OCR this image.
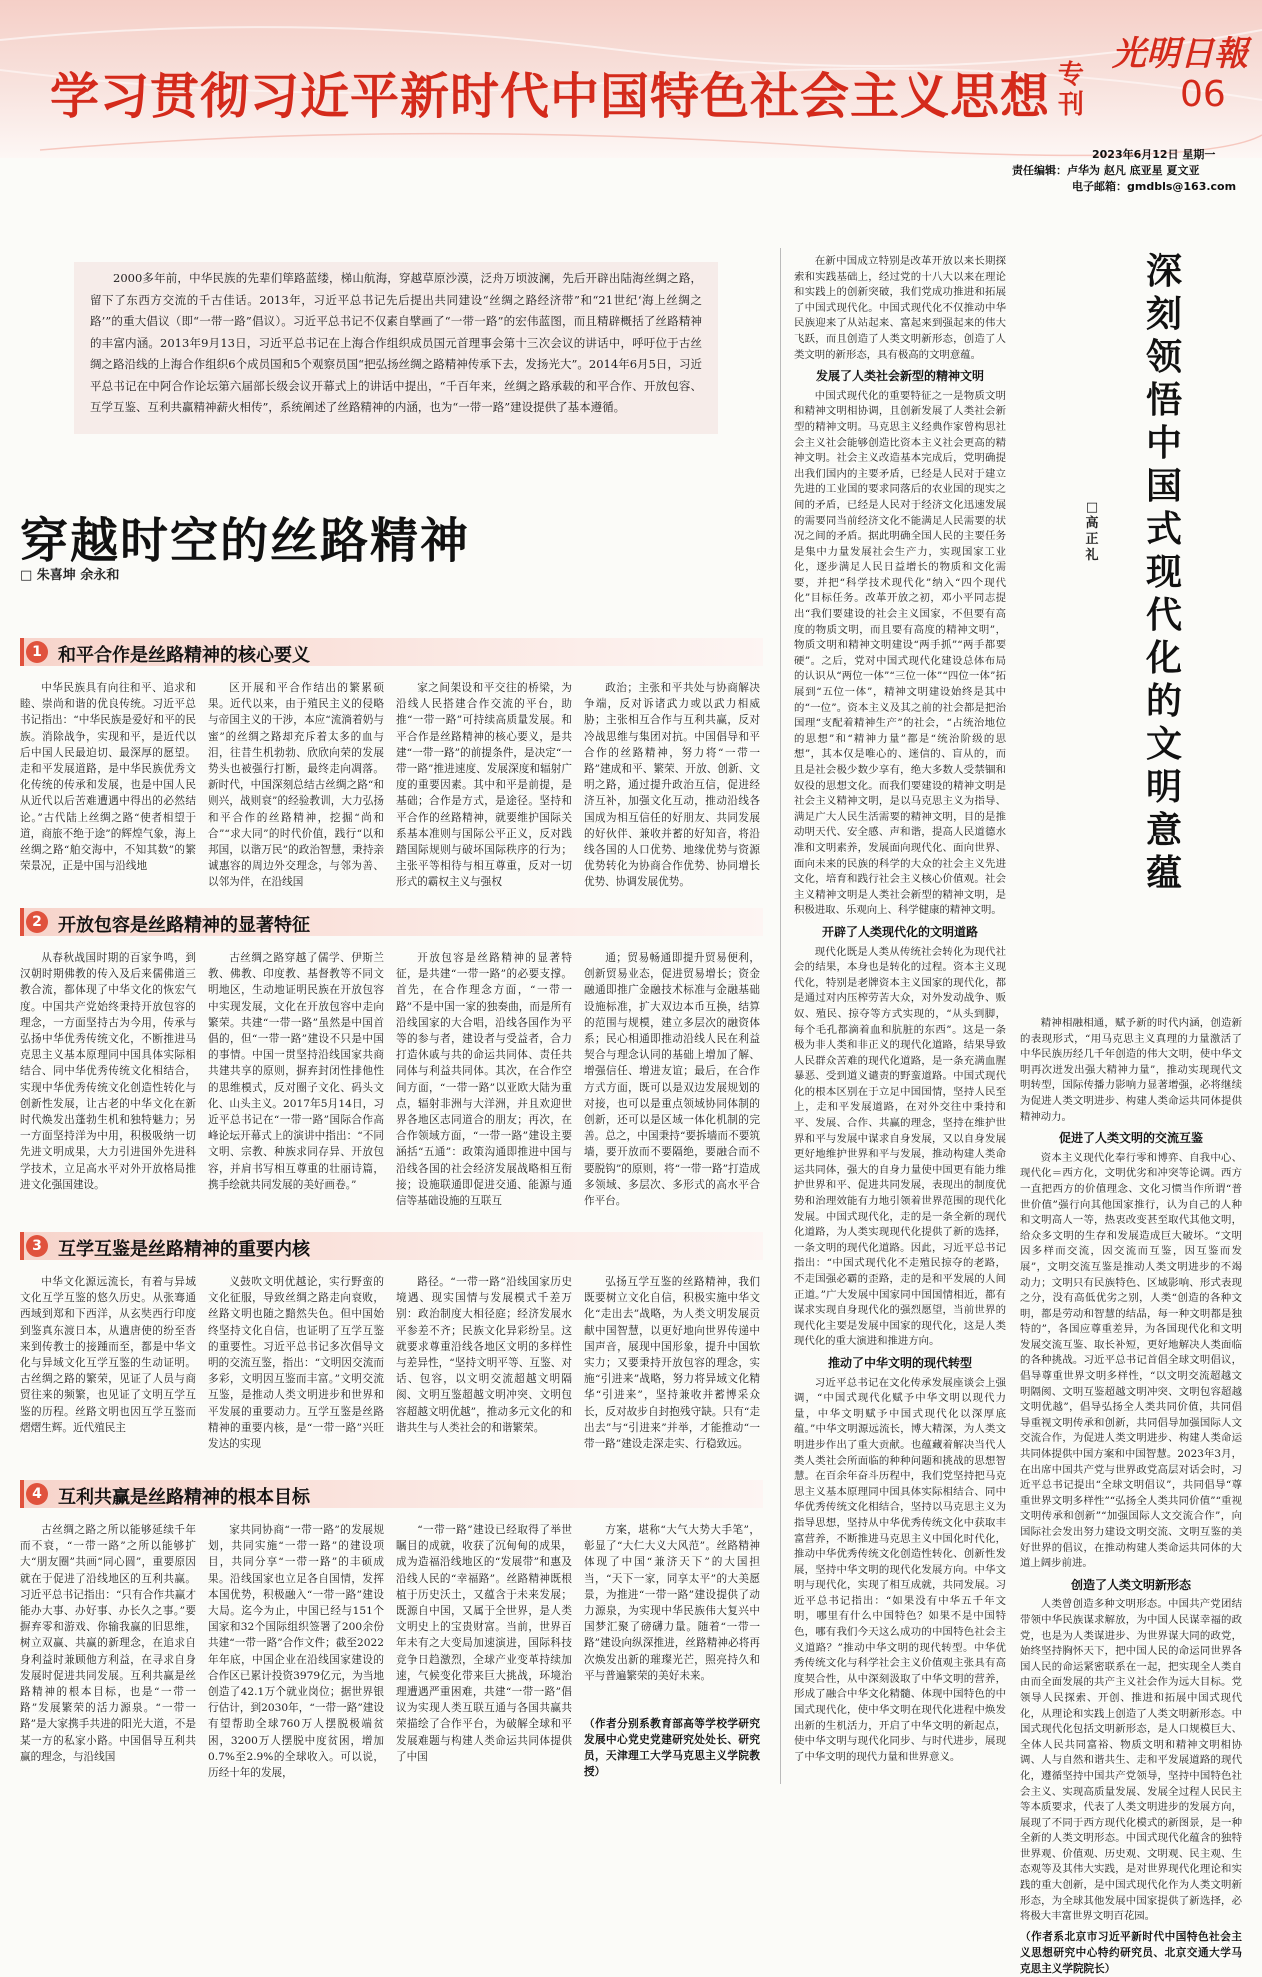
学习贯彻习近平新时代中国特色社会主义思想 专刊
光明日報
06
2023年6月12日 星期一
责任编辑：卢华为 赵凡 底亚星 夏文亚
电子邮箱：gmdbls@163.com
2000多年前，中华民族的先辈们筚路蓝缕，梯山航海，穿越草原沙漠，泛舟万顷波澜，先后开辟出陆海丝绸之路，留下了东西方交流的千古佳话。2013年，习近平总书记先后提出共同建设“丝绸之路经济带”和“21世纪‘海上丝绸之路’”的重大倡议（即“一带一路”倡议）。习近平总书记不仅素自擘画了“一带一路”的宏伟蓝图，而且精辟概括了丝路精神的丰富内涵。2013年9月13日，习近平总书记在上海合作组织成员国元首理事会第十三次会议的讲话中，呼吁位于古丝绸之路沿线的上海合作组织6个成员国和5个观察员国“把弘扬丝绸之路精神传承下去，发扬光大”。2014年6月5日，习近平总书记在中阿合作论坛第六届部长级会议开幕式上的讲话中提出，“千百年来，丝绸之路承载的和平合作、开放包容、互学互鉴、互利共赢精神薪火相传”，系统阐述了丝路精神的内涵，也为“一带一路”建设提供了基本遵循。
穿越时空的丝路精神
□ 朱喜坤 余永和
1 和平合作是丝路精神的核心要义

中华民族具有向往和平、追求和睦、崇尚和谐的优良传统。习近平总书记指出：“中华民族是爱好和平的民族。消除战争，实现和平，是近代以后中国人民最迫切、最深厚的愿望。走和平发展道路，是中华民族优秀文化传统的传承和发展，也是中国人民从近代以后苦难遭遇中得出的必然结论。”古代陆上丝绸之路“使者相望于道，商旅不绝于途”的辉煌气象，海上丝绸之路“舶交海中，不知其数”的繁荣景况，正是中国与沿线地

区开展和平合作结出的繁累硕果。近代以来，由于殖民主义的侵略与帝国主义的干涉，本应“流淌着奶与蜜”的丝绸之路却充斥着太多的血与泪，往昔生机勃勃、欣欣向荣的发展势头也被强行打断，最终走向凋落。新时代，中国深刻总结古丝绸之路“和则兴，战则衰”的经验教训，大力弘扬和平合作的丝路精神，挖掘“尚和合”“求大同”的时代价值，践行“以和邦国，以谐万民”的政治智慧，秉持亲诚惠容的周边外交理念，与邻为善、以邻为伴，在沿线国

家之间架设和平交往的桥梁，为沿线人民搭建合作交流的平台，助推“一带一路”可持续高质量发展。和平合作是丝路精神的核心要义，是共建“一带一路”的前提条件，是决定“一带一路”推进速度、发展深度和辐射广度的重要因素。其中和平是前提，是基础；合作是方式，是途径。坚持和平合作的丝路精神，就要维护国际关系基本准则与国际公平正义，反对践踏国际规则与破坏国际秩序的行为；主张平等相待与相互尊重，反对一切形式的霸权主义与强权

政治；主张和平共处与协商解决争端，反对诉诸武力或以武力相威胁；主张相互合作与互利共赢，反对冷战思维与集团对抗。中国倡导和平合作的丝路精神，努力将“一带一路”建成和平、繁荣、开放、创新、文明之路，通过提升政治互信，促进经济互补，加强文化互动，推动沿线各国成为相互信任的好朋友、共同发展的好伙伴、兼收并蓄的好知音，将沿线各国的人口优势、地缘优势与资源优势转化为协商合作优势、协同增长优势、协调发展优势。

2 开放包容是丝路精神的显著特征

从春秋战国时期的百家争鸣，到汉朝时期佛教的传入及后来儒佛道三教合流，都体现了中华文化的恢宏气度。中国共产党始终秉持开放包容的理念，一方面坚持古为今用，传承与弘扬中华优秀传统文化，不断推进马克思主义基本原理同中国具体实际相结合、同中华优秀传统文化相结合，实现中华优秀传统文化创造性转化与创新性发展，让古老的中华文化在新时代焕发出蓬勃生机和独特魅力；另一方面坚持洋为中用，积极吸纳一切先进文明成果，大力引进国外先进科学技术，立足高水平对外开放格局推进文化强国建设。

古丝绸之路穿越了儒学、伊斯兰教、佛教、印度教、基督教等不同文明地区，生动地证明民族在开放包容中实现发展，文化在开放包容中走向繁荣。共建“一带一路”虽然是中国首倡的，但“一带一路”建设不只是中国的事情。中国一贯坚持沿线国家共商共建共享的原则，摒弃封闭性排他性的思维模式，反对圈子文化、码头文化、山头主义。2017年5月14日，习近平总书记在“一带一路”国际合作高峰论坛开幕式上的演讲中指出：“不同文明、宗教、种族求同存异、开放包容，并肩书写相互尊重的壮丽诗篇，携手绘就共同发展的美好画卷。”

开放包容是丝路精神的显著特征，是共建“一带一路”的必要支撑。首先，在合作理念方面，“一带一路”不是中国一家的独奏曲，而是所有沿线国家的大合唱，沿线各国作为平等的参与者，建设者与受益者，合力打造休戚与共的命运共同体、责任共同体与利益共同体。其次，在合作空间方面，“一带一路”以亚欧大陆为重点，辐射非洲与大洋洲，并且欢迎世界各地区志同道合的朋友；再次，在合作领域方面，“一带一路”建设主要涵括“五通”：政策沟通即推进中国与沿线各国的社会经济发展战略相互衔接；设施联通即促进交通、能源与通信等基础设施的互联互

通；贸易畅通即提升贸易便利，创新贸易业态，促进贸易增长；资金融通即推广金融技术标准与金融基础设施标准，扩大双边本币互换，结算的范围与规模，建立多层次的融资体系；民心相通即推动沿线人民在利益契合与理念认同的基础上增加了解、增强信任、增进友谊；最后，在合作方式方面，既可以是双边发展规划的对接，也可以是重点领域协同体制的创新，还可以是区域一体化机制的完善。总之，中国秉持“要拆墙而不要筑墙，要开放而不要隔绝，要融合而不要脱钩”的原则，将“一带一路”打造成多领域、多层次、多形式的高水平合作平台。

3 互学互鉴是丝路精神的重要内核

中华文化源远流长，有着与异域文化互学互鉴的悠久历史。从张骞通西域到郑和下西洋，从玄奘西行印度到鉴真东渡日本，从遣唐使的纷至沓来到传教士的接踵而至，都是中华文化与异域文化互学互鉴的生动证明。古丝绸之路的繁荣，见证了人员与商贸往来的频繁，也见证了文明互学互鉴的历程。丝路文明也因互学互鉴而熠熠生辉。近代殖民主

义鼓吹文明优越论，实行野蛮的文化征服，导致丝绸之路走向衰败，丝路文明也随之黯然失色。但中国始终坚持文化自信，也证明了互学互鉴的重要性。习近平总书记多次倡导文明的交流互鉴，指出：“文明因交流而多彩，文明因互鉴而丰富。”文明交流互鉴，是推动人类文明进步和世界和平发展的重要动力。互学互鉴是丝路精神的重要内核，是“一带一路”兴旺发达的实现

路径。“一带一路”沿线国家历史境遇、现实国情与发展模式千差万别：政治制度大相径庭；经济发展水平参差不齐；民族文化异彩纷呈。这就要求尊重沿线各地区文明的多样性与差异性，“坚持文明平等、互鉴、对话、包容，以文明交流超越文明隔阂、文明互鉴超越文明冲突、文明包容超越文明优越”，推动多元文化的和谐共生与人类社会的和谐繁荣。

弘扬互学互鉴的丝路精神，我们既要树立文化自信，积极实施中华文化“走出去”战略，为人类文明发展贡献中国智慧，以更好地向世界传递中国声音，展现中国形象，提升中国软实力；又要秉持开放包容的理念，实施“引进来”战略，努力将异域文化精华“引进来”，坚持兼收并蓄博采众长，反对故步自封抱残守缺。只有“走出去”与“引进来”并举，才能推动“一带一路”建设走深走实、行稳致远。

4 互利共赢是丝路精神的根本目标

古丝绸之路之所以能够延续千年而不衰，“一带一路”之所以能够扩大“朋友圈”共画“同心圆”，重要原因就在于促进了沿线地区的互利共赢。习近平总书记指出：“只有合作共赢才能办大事、办好事、办长久之事。”要摒弃零和游戏、你输我赢的旧思维，树立双赢、共赢的新理念，在追求自身利益时兼顾他方利益，在寻求自身发展时促进共同发展。互利共赢是丝路精神的根本目标，也是“一带一路”发展繁荣的活力源泉。“一带一路”是大家携手共进的阳光大道，不是某一方的私家小路。中国倡导互利共赢的理念，与沿线国

家共同协商“一带一路”的发展规划，共同实施“一带一路”的建设项目，共同分享“一带一路”的丰硕成果。沿线国家也立足各自国情，发挥本国优势，积极融入“一带一路”建设大局。迄今为止，中国已经与151个国家和32个国际组织签署了200余份共建“一带一路”合作文件；截至2022年年底，中国企业在沿线国家建设的合作区已累计投资3979亿元，为当地创造了42.1万个就业岗位；据世界银行估计，到2030年，“一带一路”建设有望帮助全球760万人摆脱极端贫困，3200万人摆脱中度贫困，增加0.7%至2.9%的全球收入。可以说，历经十年的发展，

“一带一路”建设已经取得了举世瞩目的成就，收获了沉甸甸的成果，成为造福沿线地区的“发展带”和惠及沿线人民的“幸福路”。丝路精神既根植于历史沃土，又蕴含于未来发展；既源自中国，又属于全世界，是人类文明史上的宝贵财富。当前，世界百年未有之大变局加速演进，国际科技竞争日趋激烈，全球产业变革持续加速，气候变化带来巨大挑战，环境治理遭遇严重困难，共建“一带一路”倡议为实现人类互联互通与各国共赢共荣描绘了合作平台，为破解全球和平发展难题与构建人类命运共同体提供了中国

方案，堪称“大气大势大手笔”，彰显了“大仁大义大风范”。丝路精神体现了中国“兼济天下”的大国担当，“天下一家，同享太平”的大美愿景，为推进“一带一路”建设提供了动力源泉，为实现中华民族伟大复兴中国梦汇聚了磅礴力量。随着“一带一路”建设向纵深推进，丝路精神必将再次焕发出新的璀璨光芒，照亮持久和平与普遍繁荣的美好未来。

（作者分别系教育部高等学校学研究发展中心党史党建研究处处长、研究员，天津理工大学马克思主义学院教授）
深刻领悟中国式现代化的文明意蕴
□ 高正礼

在新中国成立特别是改革开放以来长期探索和实践基础上，经过党的十八大以来在理论和实践上的创新突破，我们党成功推进和拓展了中国式现代化。中国式现代化不仅推动中华民族迎来了从站起来、富起来到强起来的伟大飞跃，而且创造了人类文明新形态，创造了人类文明的新形态，具有极高的文明意蕴。

发展了人类社会新型的精神文明

中国式现代化的重要特征之一是物质文明和精神文明相协调，且创新发展了人类社会新型的精神文明。马克思主义经典作家曾构思社会主义社会能够创造比资本主义社会更高的精神文明。社会主义改造基本完成后，党明确提出我们国内的主要矛盾，已经是人民对于建立先进的工业国的要求同落后的农业国的现实之间的矛盾，已经是人民对于经济文化迅速发展的需要同当前经济文化不能满足人民需要的状况之间的矛盾。据此明确全国人民的主要任务是集中力量发展社会生产力，实现国家工业化，逐步满足人民日益增长的物质和文化需要，并把“科学技术现代化”纳入“四个现代化”目标任务。改革开放之初，邓小平同志提出“我们要建设的社会主义国家，不但要有高度的物质文明，而且要有高度的精神文明”，物质文明和精神文明建设“两手抓”“两手都要硬”。之后，党对中国式现代化建设总体布局的认识从“两位一体”“三位一体”“四位一体”拓展到“五位一体”，精神文明建设始终是其中的“一位”。资本主义及其之前的社会都是把治国理“支配着精神生产”的社会，“占统治地位的思想”和“精神力量”都是“统治阶级的思想”，其本仅是唯心的、迷信的、盲从的，而且是社会极少数少享有，绝大多数人受禁锢和奴役的思想文化。而我们要建设的精神文明是社会主义精神文明，是以马克思主义为指导、满足广大人民生活需要的精神文明，目的是推动明天代、安全感、声和谐，提高人民道德水准和文明素养，发展面向现代化、面向世界、面向未来的民族的科学的大众的社会主义先进文化，培育和践行社会主义核心价值观。社会主义精神文明是人类社会新型的精神文明，是积极进取、乐观向上、科学健康的精神文明。

开辟了人类现代化的文明道路

现代化既是人类从传统社会转化为现代社会的结果，本身也是转化的过程。资本主义现代化，特别是老牌资本主义国家的现代化，都是通过对内压榨劳苦大众，对外发动战争、贩奴、殖民、掠夺等方式实现的，“从头到脚，每个毛孔都滴着血和肮脏的东西”。这是一条极为非人类和非正义的现代化道路，结果导致人民群众苦难的现代化道路，是一条充满血腥暴恶、受到道义谴责的野蛮道路。中国式现代化的根本区别在于立足中国国情，坚持人民至上，走和平发展道路，在对外交往中秉持和平、发展、合作、共赢的理念，坚持在维护世界和平与发展中谋求自身发展，又以自身发展更好地维护世界和平与发展，推动构建人类命运共同体，强大的自身力量使中国更有能力维护世界和平、促进共同发展，表现出的制度优势和治理效能有力地引领着世界范围的现代化发展。中国式现代化，走的是一条全新的现代化道路，为人类实现现代化提供了新的选择，一条文明的现代化道路。因此，习近平总书记指出：“中国式现代化不走殖民掠夺的老路，不走国强必霸的歪路，走的是和平发展的人间正道。”广大发展中国家同中国国情相近，都有谋求实现自身现代化的强烈愿望，当前世界的现代化主要是发展中国家的现代化，这是人类现代化的重大演进和推进方向。

推动了中华文明的现代转型

习近平总书记在文化传承发展座谈会上强调，“中国式现代化赋予中华文明以现代力量，中华文明赋予中国式现代化以深厚底蕴。”中华文明源远流长，博大精深，为人类文明进步作出了重大贡献。也蕴藏着解决当代人类人类社会所面临的种种问题和挑战的思想智慧。在百余年奋斗历程中，我们党坚持把马克思主义基本原理同中国具体实际相结合、同中华优秀传统文化相结合，坚持以马克思主义为指导思想，坚持从中华优秀传统文化中获取丰富营养，不断推进马克思主义中国化时代化，推动中华优秀传统文化创造性转化、创新性发展，坚持中华文明的现代化发展方向。中华文明与现代化，实现了相互成就，共同发展。习近平总书记指出：“如果没有中华五千年文明，哪里有什么中国特色？如果不是中国特色，哪有我们今天这么成功的中国特色社会主义道路？”推动中华文明的现代转型。中华优秀传统文化与科学社会主义价值观主张具有高度契合性，从中深刻汲取了中华文明的营养，形成了融合中华文化精髓、体现中国特色的中国式现代化，使中华文明在现代化进程中焕发出新的生机活力，开启了中华文明的新起点，使中华文明与现代化同步、与时代进步，展现了中华文明的现代力量和世界意义。

精神相融相通，赋予新的时代内涵，创造新的表现形式，“用马克思主义真理的力量激活了中华民族历经几千年创造的伟大文明，使中华文明再次迸发出强大精神力量”，推动实现现代文明转型，国际传播力影响力显著增强，必将继续为促进人类文明进步、构建人类命运共同体提供精神动力。

促进了人类文明的交流互鉴

资本主义现代化奉行零和博弈、自我中心、现代化＝西方化，文明优劣和冲突等论调。西方一直把西方的价值理念、文化习惯当作所谓“普世价值”强行向其他国家推行，认为自己的人种和文明高人一等，热衷改变甚至取代其他文明，给众多文明的生存和发展造成巨大破坏。“文明因多样而交流，因交流而互鉴，因互鉴而发展”，文明交流互鉴是推动人类文明进步的不竭动力；文明只有民族特色、区域影响、形式表现之分，没有高低优劣之别，人类“创造的各种文明，都是劳动和智慧的结晶，每一种文明都是独特的”，各国应尊重差异，为各国现代化和文明发展交流互鉴、取长补短，更好地解决人类面临的各种挑战。习近平总书记首倡全球文明倡议，倡导尊重世界文明多样性，“以文明交流超越文明隔阂、文明互鉴超越文明冲突、文明包容超越文明优越”，倡导弘扬全人类共同价值，共同倡导重视文明传承和创新，共同倡导加强国际人文交流合作，为促进人类文明进步、构建人类命运共同体提供中国方案和中国智慧。2023年3月，在出席中国共产党与世界政党高层对话会时，习近平总书记提出“全球文明倡议”，共同倡导“尊重世界文明多样性”“弘扬全人类共同价值”“重视文明传承和创新”“加强国际人文交流合作”，向国际社会发出努力建设文明交流、文明互鉴的美好世界的倡议，在推动构建人类命运共同体的大道上阔步前进。

创造了人类文明新形态

人类曾创造多种文明形态。中国共产党团结带领中华民族谋求解放，为中国人民谋幸福的政党，也是为人类谋进步、为世界谋大同的政党，始终坚持胸怀天下，把中国人民的命运同世界各国人民的命运紧密联系在一起，把实现全人类自由而全面发展的共产主义社会作为远大目标。党领导人民探索、开创、推进和拓展中国式现代化，从理论和实践上创造了人类文明新形态。中国式现代化包括文明新形态，是人口规模巨大、全体人民共同富裕、物质文明和精神文明相协调、人与自然和谐共生、走和平发展道路的现代化，遵循坚持中国共产党领导，坚持中国特色社会主义、实现高质量发展、发展全过程人民民主等本质要求，代表了人类文明进步的发展方向，展现了不同于西方现代化模式的新图景，是一种全新的人类文明形态。中国式现代化蕴含的独特世界观、价值观、历史观、文明观、民主观、生态观等及其伟大实践，是对世界现代化理论和实践的重大创新，是中国式现代化作为人类文明新形态，为全球其他发展中国家提供了新选择，必将极大丰富世界文明百花园。

（作者系北京市习近平新时代中国特色社会主义思想研究中心特约研究员、北京交通大学马克思主义学院院长）
